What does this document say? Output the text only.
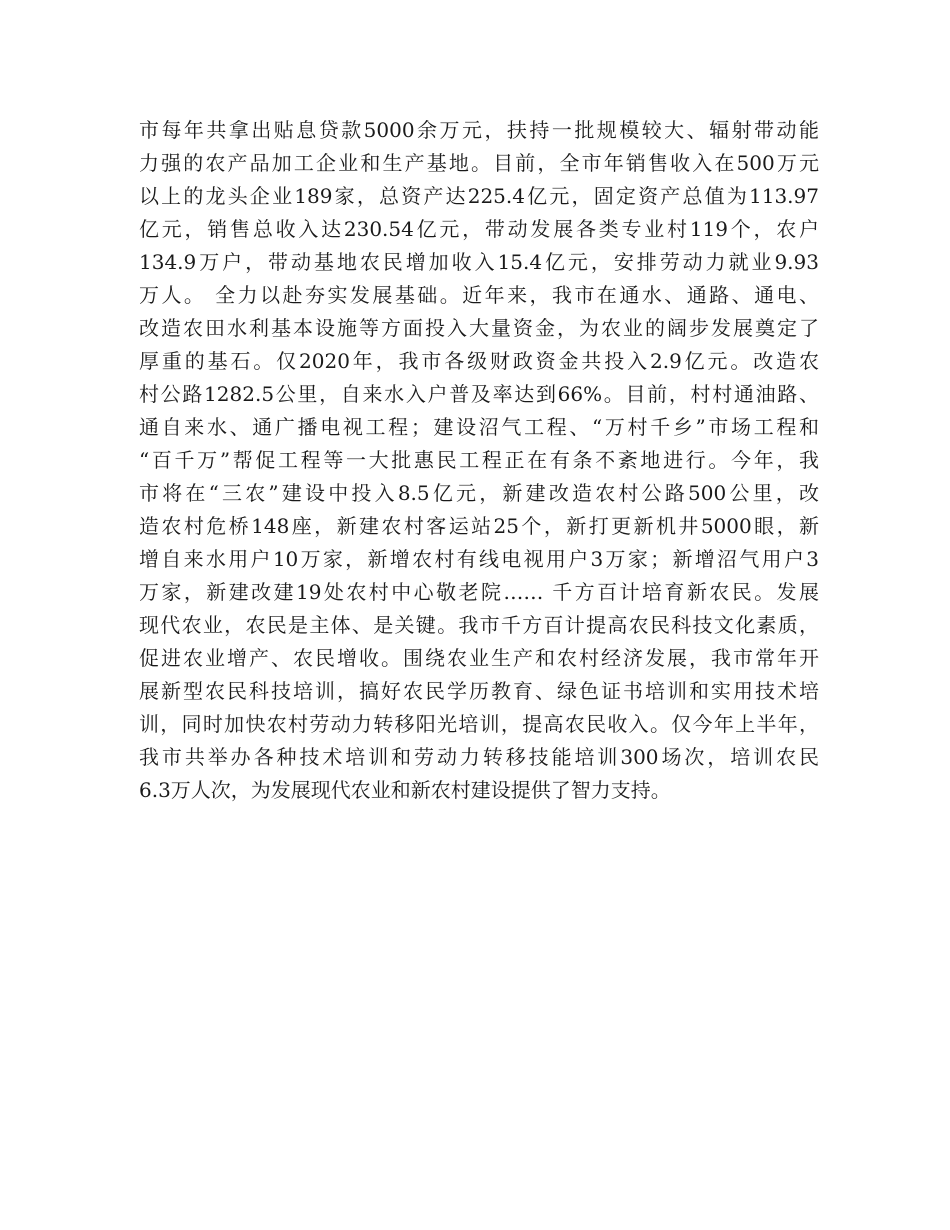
市每年共拿出贴息贷款5000余万元，扶持一批规模较大、辐射带动能
力强的农产品加工企业和生产基地。目前，全市年销售收入在500万元
以上的龙头企业189家，总资产达225.4亿元，固定资产总值为113.97
亿元，销售总收入达230.54亿元，带动发展各类专业村119个，农户
134.9万户，带动基地农民增加收入15.4亿元，安排劳动力就业9.93
万人。 全力以赴夯实发展基础。近年来，我市在通水、通路、通电、
改造农田水利基本设施等方面投入大量资金，为农业的阔步发展奠定了
厚重的基石。仅2020年，我市各级财政资金共投入2.9亿元。改造农
村公路1282.5公里，自来水入户普及率达到66%。目前，村村通油路、
通自来水、通广播电视工程；建设沼气工程、“万村千乡”市场工程和
“百千万”帮促工程等一大批惠民工程正在有条不紊地进行。今年，我
市将在“三农”建设中投入8.5亿元，新建改造农村公路500公里，改
造农村危桥148座，新建农村客运站25个，新打更新机井5000眼，新
增自来水用户10万家，新增农村有线电视用户3万家；新增沼气用户3
万家，新建改建19处农村中心敬老院…… 千方百计培育新农民。发展
现代农业，农民是主体、是关键。我市千方百计提高农民科技文化素质，
促进农业增产、农民增收。围绕农业生产和农村经济发展，我市常年开
展新型农民科技培训，搞好农民学历教育、绿色证书培训和实用技术培
训，同时加快农村劳动力转移阳光培训，提高农民收入。仅今年上半年，
我市共举办各种技术培训和劳动力转移技能培训300场次，培训农民
6.3万人次，为发展现代农业和新农村建设提供了智力支持。
